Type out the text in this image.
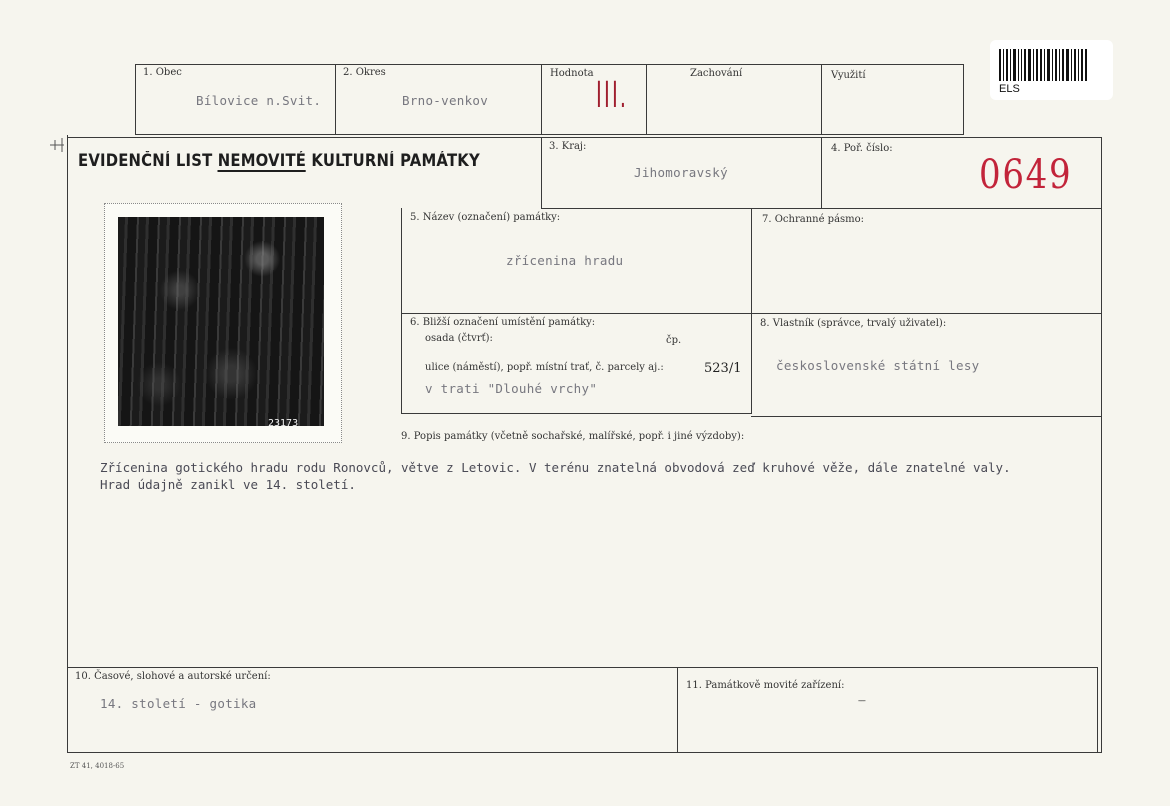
1. Obec
Bílovice n.Svit.
2. Okres
Brno-venkov
Hodnota
III.
Zachování	Využití
ELS
EVIDENČNÍ LIST NEMOVITÉ KULTURNÍ PAMÁTKY
3. Kraj:
Jihomoravský
4. Poř. číslo:
0649
23173
5. Název (označení) památky:
zřícenina hradu
7. Ochranné pásmo:
6. Bližší označení umístění památky:
osada (čtvrť):	čp.
ulice (náměstí), popř. místní trať, č. parcely aj.:	523/1
v trati "Dlouhé vrchy"
8. Vlastník (správce, trvalý uživatel):
československé státní lesy
9. Popis památky (včetně sochařské, malířské, popř. i jiné výzdoby):
Zřícenina gotického hradu rodu Ronovců, větve z Letovic. V terénu znatelná obvodová zeď kruhové věže, dále znatelné valy.
Hrad údajně zanikl ve 14. století.
10. Časové, slohové a autorské určení:
14. století - gotika
11. Památkově movité zařízení:
----
ZT 41, 4018-65
